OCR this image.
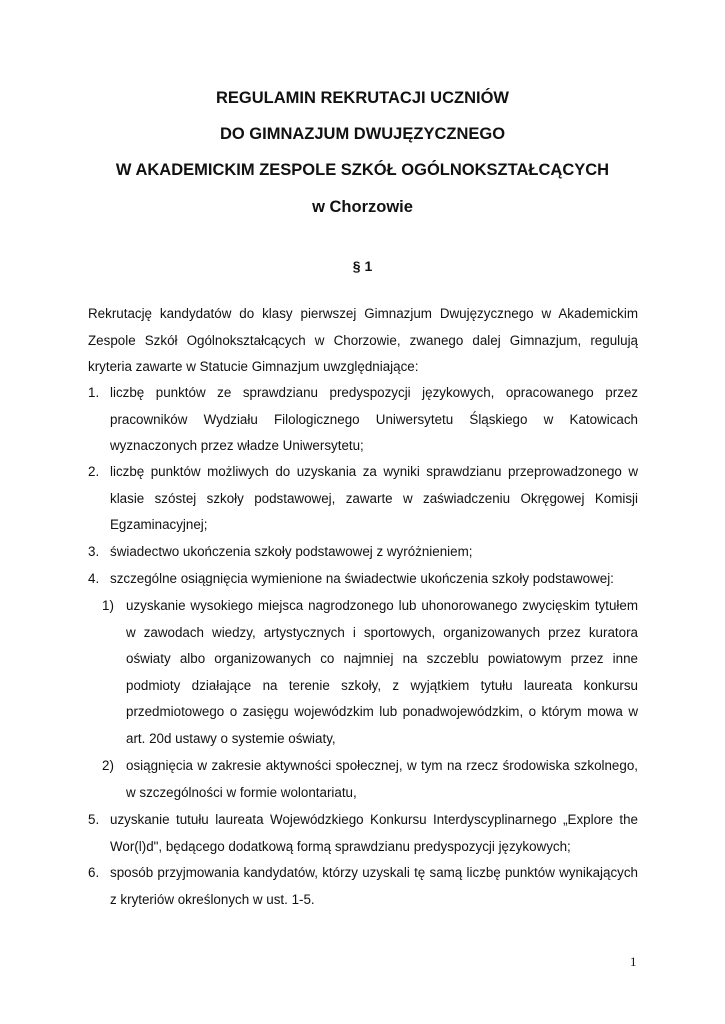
REGULAMIN REKRUTACJI UCZNIÓW

DO GIMNAZJUM DWUJĘZYCZNEGO

W AKADEMICKIM ZESPOLE SZKÓŁ OGÓLNOKSZTAŁCĄCYCH

w Chorzowie

§ 1

Rekrutację kandydatów do klasy pierwszej Gimnazjum Dwujęzycznego w Akademickim Zespole Szkół Ogólnokształcących w Chorzowie, zwanego dalej Gimnazjum, regulują kryteria zawarte w Statucie Gimnazjum uwzględniające:

1. liczbę punktów ze sprawdzianu predyspozycji językowych, opracowanego przez pracowników Wydziału Filologicznego Uniwersytetu Śląskiego w Katowicach wyznaczonych przez władze Uniwersytetu;

2. liczbę punktów możliwych do uzyskania za wyniki sprawdzianu przeprowadzonego w klasie szóstej szkoły podstawowej, zawarte w zaświadczeniu Okręgowej Komisji Egzaminacyjnej;

3. świadectwo ukończenia szkoły podstawowej z wyróżnieniem;

4. szczególne osiągnięcia wymienione na świadectwie ukończenia szkoły podstawowej:

1) uzyskanie wysokiego miejsca nagrodzonego lub uhonorowanego zwycięskim tytułem w zawodach wiedzy, artystycznych i sportowych, organizowanych przez kuratora oświaty albo organizowanych co najmniej na szczeblu powiatowym przez inne podmioty działające na terenie szkoły, z wyjątkiem tytułu laureata konkursu przedmiotowego o zasięgu wojewódzkim lub ponadwojewódzkim, o którym mowa w art. 20d ustawy o systemie oświaty,

2) osiągnięcia w zakresie aktywności społecznej, w tym na rzecz środowiska szkolnego, w szczególności w formie wolontariatu,

5. uzyskanie tutułu laureata Wojewódzkiego Konkursu Interdyscyplinarnego „Explore the Wor(l)d", będącego dodatkową formą sprawdzianu predyspozycji językowych;

6. sposób przyjmowania kandydatów, którzy uzyskali tę samą liczbę punktów wynikających z kryteriów określonych w ust. 1-5.

1
